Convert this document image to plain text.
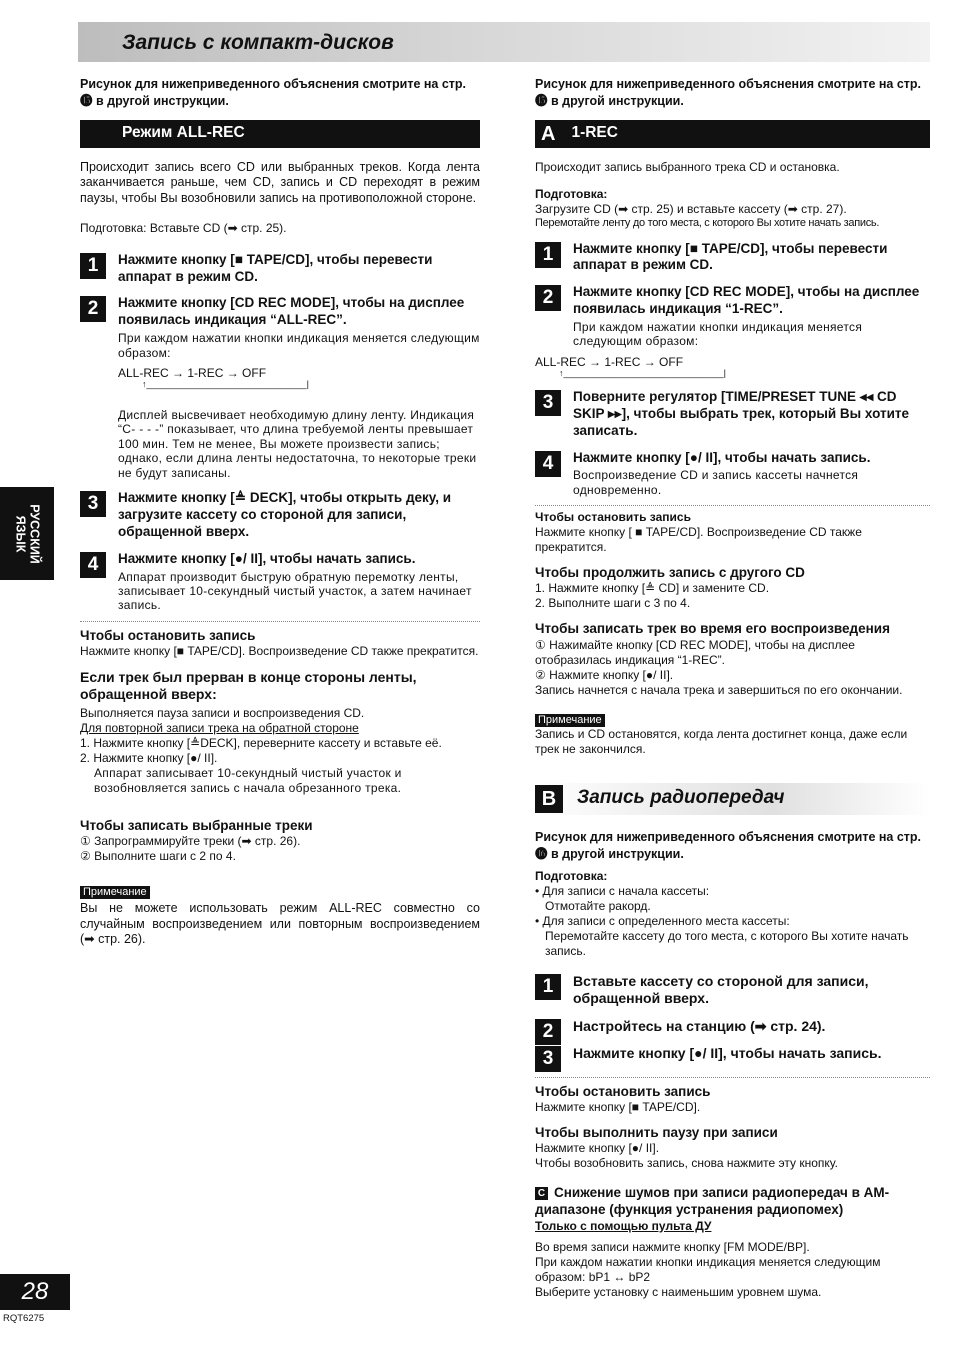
Запись с компакт-дисков
РУССКИЙ
ЯЗЫК
Рисунок для нижеприведенного объяснения смотрите на стр. ⓯ в другой инструкции.
Режим ALL-REC
Происходит запись всего CD или выбранных треков. Когда лента заканчивается раньше, чем CD, запись и CD переходят в режим паузы, чтобы Вы возобновили запись на противоположной стороне.
Подготовка: Вставьте CD (➡ стр. 25).
1	Нажмите кнопку [■ TAPE/CD], чтобы перевести аппарат в режим CD.
2	Нажмите кнопку [CD REC MODE], чтобы на дисплее появилась индикация “ALL-REC”.
При каждом нажатии кнопки индикация меняется следующим образом:
ALL-REC → 1-REC → OFF
↑________________________________|
Дисплей высвечивает необходимую длину ленту. Индикация “C- - - -” показывает, что длина требуемой ленты превышает 100 мин. Тем не менее, Вы можете произвести запись; однако, если длина ленты недостаточна, то некоторые треки не будут записаны.
3	Нажмите кнопку [≜ DECK], чтобы открыть деку, и загрузите кассету со стороной для записи, обращенной вверх.
4	Нажмите кнопку [●/ II], чтобы начать запись.
Аппарат производит быструю обратную перемотку ленты, записывает 10-секундный чистый участок, а затем начинает запись.
Чтобы остановить запись
Нажмите кнопку [■ TAPE/CD]. Воспроизведение CD также прекратится.
Если трек был прерван в конце стороны ленты, обращенной вверх:
Выполняется пауза записи и воспроизведения CD.
Для повторной записи трека на обратной стороне
1. Нажмите кнопку [≜DECK], переверните кассету и вставьте её.
2. Нажмите кнопку [●/ II].
Аппарат записывает 10-секундный чистый участок и возобновляется запись с начала обрезанного трека.
Чтобы записать выбранные треки
① Запрограммируйте треки (➡ стр. 26).
② Выполните шаги с 2 по 4.
Примечание
Вы не можете использовать режим ALL-REC совместно со случайным воспроизведением или повторным воспроизведением (➡ стр. 26).
Рисунок для нижеприведенного объяснения смотрите на стр. ⓯ в другой инструкции.
A 1-REC
Происходит запись выбранного трека CD и остановка.
Подготовка:
Загрузите CD (➡ стр. 25) и вставьте кассету (➡ стр. 27).
Перемотайте ленту до того места, с которого Вы хотите начать запись.
1	Нажмите кнопку [■ TAPE/CD], чтобы перевести аппарат в режим CD.
2	Нажмите кнопку [CD REC MODE], чтобы на дисплее появилась индикация “1-REC”.
При каждом нажатии кнопки индикация меняется следующим образом:
ALL-REC → 1-REC → OFF
↑________________________________|
3	Поверните регулятор [TIME/PRESET TUNE ◂◂ CD SKIP ▸▸], чтобы выбрать трек, который Вы хотите записать.
4	Нажмите кнопку [●/ II], чтобы начать запись.
Воспроизведение CD и запись кассеты начнется одновременно.
Чтобы остановить запись
Нажмите кнопку [ ■ TAPE/CD]. Воспроизведение CD также прекратится.
Чтобы продолжить запись с другого CD
1. Нажмите кнопку [≜ CD] и замените CD.
2. Выполните шаги с 3 по 4.
Чтобы записать трек во время его воспроизведения
① Нажимайте кнопку [CD REC MODE], чтобы на дисплее отобразилась индикация “1-REC”.
② Нажмите кнопку [●/ II].
Запись начнется с начала трека и завершиться по его окончании.
Примечание
Запись и CD остановятся, когда лента достигнет конца, даже если трек не закончился.
B	Запись радиопередач
Рисунок для нижеприведенного объяснения смотрите на стр. ⓰ в другой инструкции.
Подготовка:
• Для записи с начала кассеты:
Отмотайте ракорд.
• Для записи с определенного места кассеты:
Перемотайте кассету до того места, с которого Вы хотите начать запись.
1	Вставьте кассету со стороной для записи, обращенной вверх.
2	Настройтесь на станцию (➡ стр. 24).
3	Нажмите кнопку [●/ II], чтобы начать запись.
Чтобы остановить запись
Нажмите кнопку [■ TAPE/CD].
Чтобы выполнить паузу при записи
Нажмите кнопку [●/ II].
Чтобы возобновить запись, снова нажмите эту кнопку.
C Снижение шумов при записи радиопередач в AM-диапазоне (функция устранения радиопомех)
Только с помощью пульта ДУ
Во время записи нажмите кнопку [FM MODE/BP].
При каждом нажатии кнопки индикация меняется следующим образом: bP1 ↔ bP2
Выберите установку с наименьшим уровнем шума.
28
RQT6275
